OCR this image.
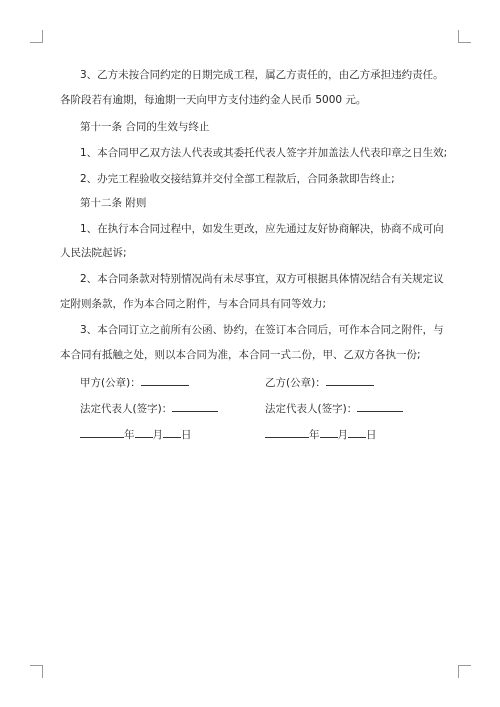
3、乙方未按合同约定的日期完成工程，属乙方责任的，由乙方承担违约责任。
各阶段若有逾期，每逾期一天向甲方支付违约金人民币 5000 元。
第十一条 合同的生效与终止
1、本合同甲乙双方法人代表或其委托代表人签字并加盖法人代表印章之日生效;
2、办完工程验收交接结算并交付全部工程款后，合同条款即告终止;
第十二条 附则
1、在执行本合同过程中，如发生更改，应先通过友好协商解决，协商不成可向
人民法院起诉;
2、本合同条款对特别情况尚有未尽事宜，双方可根据具体情况结合有关规定议
定附则条款，作为本合同之附件，与本合同具有同等效力;
3、本合同订立之前所有公函、协约，在签订本合同后，可作本合同之附件，与
本合同有抵触之处，则以本合同为准，本合同一式二份，甲、乙双方各执一份;
甲方(公章)：	乙方(公章)：
法定代表人(签字)：	法定代表人(签字)：
年 月 日	年 月 日
